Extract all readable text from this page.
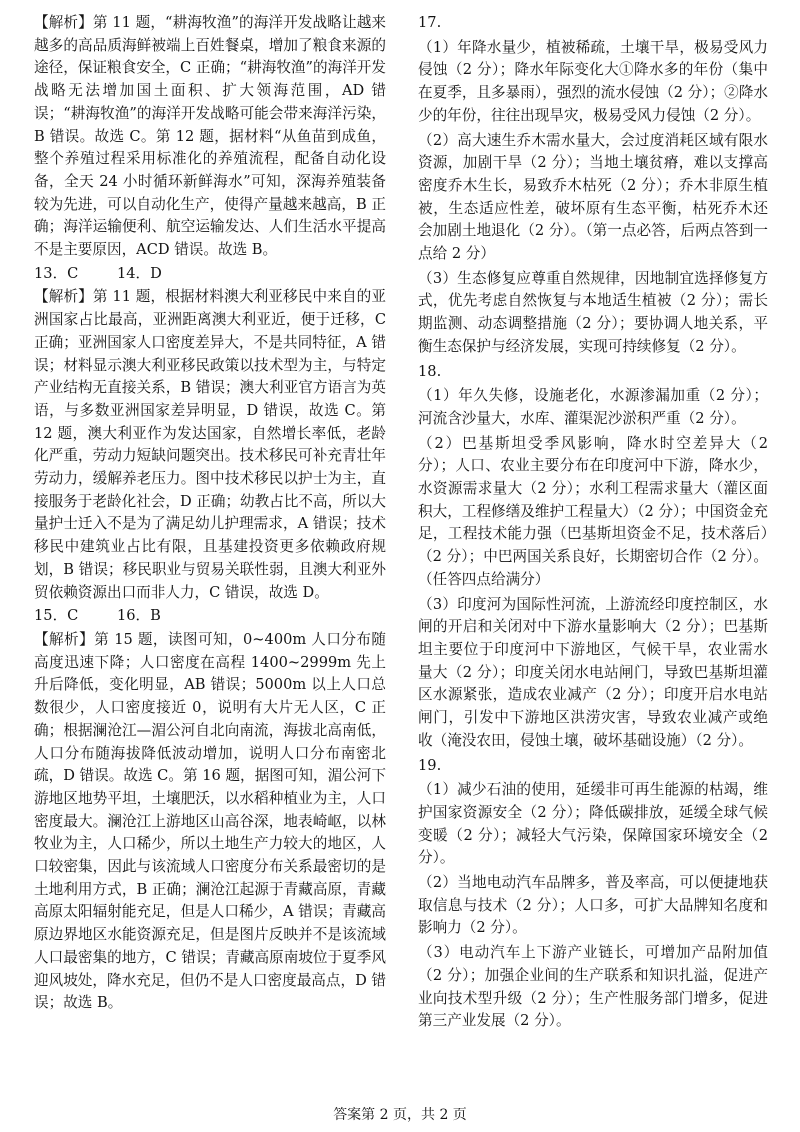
【解析】第 11 题，“耕海牧渔”的海洋开发战略让越来越多的高品质海鲜被端上百姓餐桌，增加了粮食来源的途径，保证粮食安全，C 正确；“耕海牧渔”的海洋开发战略无法增加国土面积、扩大领海范围，AD 错误；“耕海牧渔”的海洋开发战略可能会带来海洋污染，B 错误。故选 C。第 12 题，据材料“从鱼苗到成鱼，整个养殖过程采用标准化的养殖流程，配备自动化设备，全天 24 小时循环新鲜海水”可知，深海养殖装备较为先进，可以自动化生产，使得产量越来越高，B 正确；海洋运输便利、航空运输发达、人们生活水平提高不是主要原因，ACD 错误。故选 B。

13．C	14．D

【解析】第 11 题，根据材料澳大利亚移民中来自的亚洲国家占比最高，亚洲距离澳大利亚近，便于迁移，C 正确；亚洲国家人口密度差异大，不是共同特征，A 错误；材料显示澳大利亚移民政策以技术型为主，与特定产业结构无直接关系，B 错误；澳大利亚官方语言为英语，与多数亚洲国家差异明显，D 错误，故选 C。第 12 题，澳大利亚作为发达国家，自然增长率低，老龄化严重，劳动力短缺问题突出。技术移民可补充青壮年劳动力，缓解养老压力。图中技术移民以护士为主，直接服务于老龄化社会，D 正确；幼教占比不高，所以大量护士迁入不是为了满足幼儿护理需求，A 错误；技术移民中建筑业占比有限，且基建投资更多依赖政府规划，B 错误；移民职业与贸易关联性弱，且澳大利亚外贸依赖资源出口而非人力，C 错误，故选 D。

15．C	16．B

【解析】第 15 题，读图可知，0~400m 人口分布随高度迅速下降；人口密度在高程 1400~2999m 先上升后降低，变化明显，AB 错误；5000m 以上人口总数很少，人口密度接近 0，说明有大片无人区，C 正确；根据澜沧江—湄公河自北向南流，海拔北高南低，人口分布随海拔降低波动增加，说明人口分布南密北疏，D 错误。故选 C。第 16 题，据图可知，湄公河下游地区地势平坦，土壤肥沃，以水稻种植业为主，人口密度最大。澜沧江上游地区山高谷深，地表崎岖，以林牧业为主，人口稀少，所以土地生产力较大的地区，人口较密集，因此与该流域人口密度分布关系最密切的是土地利用方式，B 正确；澜沧江起源于青藏高原，青藏高原太阳辐射能充足，但是人口稀少，A 错误；青藏高原边界地区水能资源充足，但是图片反映并不是该流域人口最密集的地方，C 错误；青藏高原南坡位于夏季风迎风坡处，降水充足，但仍不是人口密度最高点，D 错误；故选 B。

17.

（1）年降水量少，植被稀疏，土壤干旱，极易受风力侵蚀（2 分）；降水年际变化大①降水多的年份（集中在夏季，且多暴雨），强烈的流水侵蚀（2 分）；②降水少的年份，往往出现旱灾，极易受风力侵蚀（2 分）。

（2）高大速生乔木需水量大，会过度消耗区域有限水资源，加剧干旱（2 分）；当地土壤贫瘠，难以支撑高密度乔木生长，易致乔木枯死（2 分）；乔木非原生植被，生态适应性差，破坏原有生态平衡，枯死乔木还会加剧土地退化（2 分）。（第一点必答，后两点答到一点给 2 分）

（3）生态修复应尊重自然规律，因地制宜选择修复方式，优先考虑自然恢复与本地适生植被（2 分）；需长期监测、动态调整措施（2 分）；要协调人地关系，平衡生态保护与经济发展，实现可持续修复（2 分）。

18.

（1）年久失修，设施老化，水源渗漏加重（2 分）；河流含沙量大，水库、灌渠泥沙淤积严重（2 分）。

（2）巴基斯坦受季风影响，降水时空差异大（2 分）；人口、农业主要分布在印度河中下游，降水少，水资源需求量大（2 分）；水利工程需求量大（灌区面积大，工程修缮及维护工程量大）（2 分）；中国资金充足，工程技术能力强（巴基斯坦资金不足，技术落后）（2 分）；中巴两国关系良好，长期密切合作（2 分）。（任答四点给满分）

（3）印度河为国际性河流，上游流经印度控制区，水闸的开启和关闭对中下游水量影响大（2 分）；巴基斯坦主要位于印度河中下游地区，气候干旱，农业需水量大（2 分）；印度关闭水电站闸门，导致巴基斯坦灌区水源紧张，造成农业减产（2 分）；印度开启水电站闸门，引发中下游地区洪涝灾害，导致农业减产或绝收（淹没农田，侵蚀土壤，破坏基础设施）（2 分）。

19.

（1）减少石油的使用，延缓非可再生能源的枯竭，维护国家资源安全（2 分）；降低碳排放，延缓全球气候变暖（2 分）；减轻大气污染，保障国家环境安全（2 分）。

（2）当地电动汽车品牌多，普及率高，可以便捷地获取信息与技术（2 分）；人口多，可扩大品牌知名度和影响力（2 分）。

（3）电动汽车上下游产业链长，可增加产品附加值（2 分）；加强企业间的生产联系和知识扎溢，促进产业向技术型升级（2 分）；生产性服务部门增多，促进第三产业发展（2 分）。

答案第 2 页，共 2 页
